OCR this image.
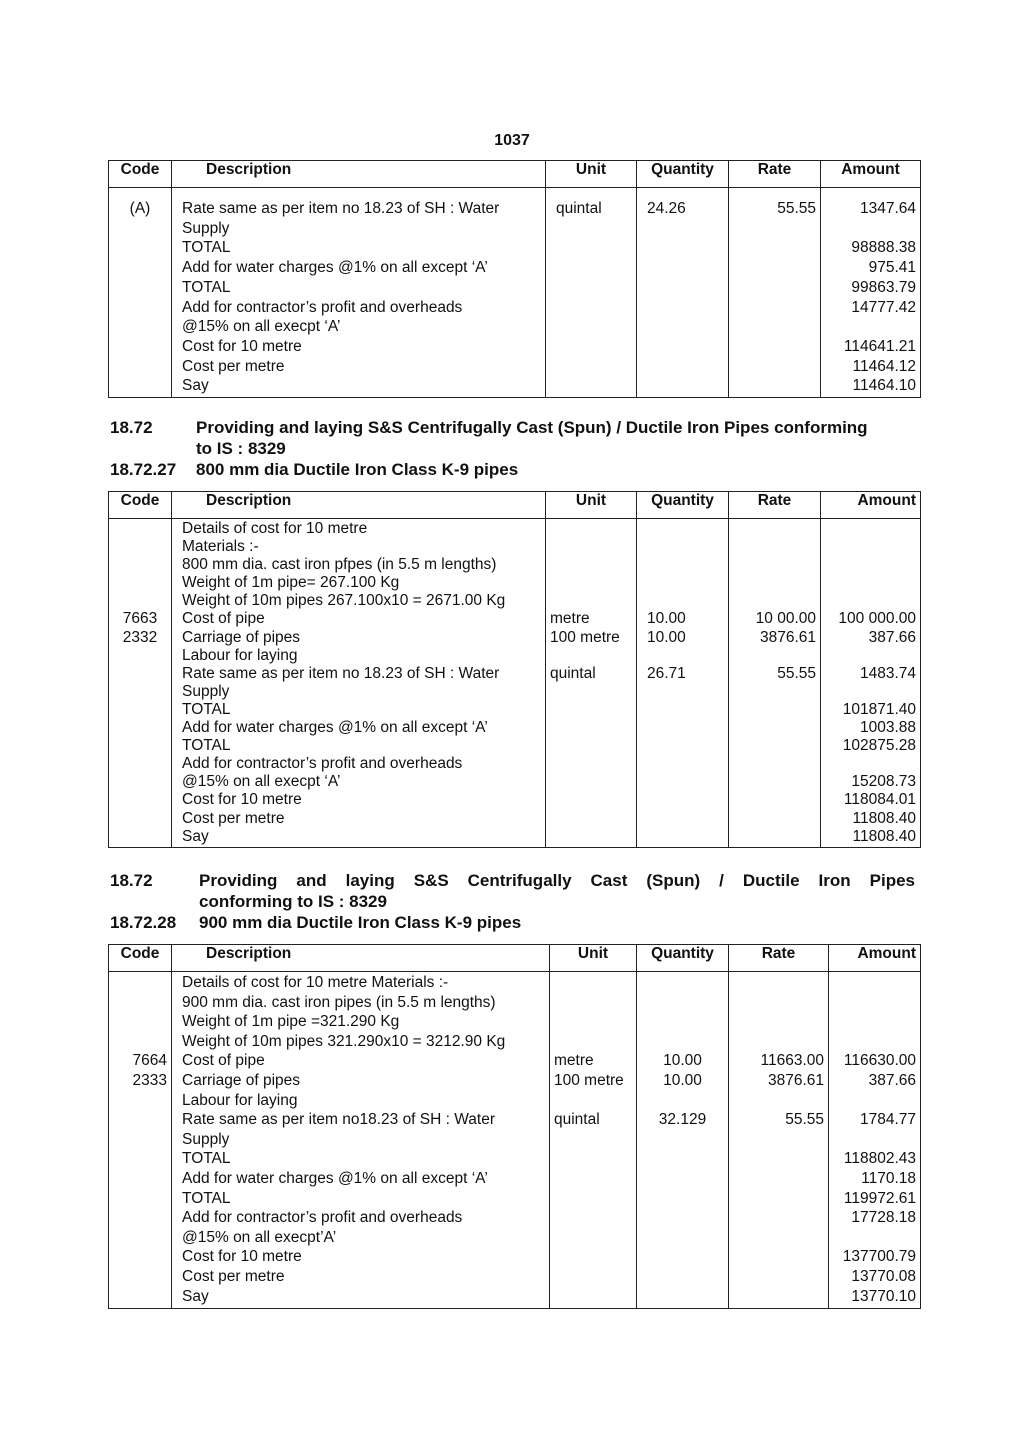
1037
Code	Description	Unit	Quantity	Rate	Amount
(A)	Rate same as per item no 18.23 of SH : Water	quintal	24.26	55.55	1347.64
	Supply				
	TOTAL				98888.38
	Add for water charges @1% on all except ‘A’				975.41
	TOTAL				99863.79
	Add for contractor’s profit and overheads				14777.42
	@15% on all execpt ‘A’				
	Cost for 10 metre				114641.21
	Cost per metre				11464.12
	Say				11464.10
18.72	Providing and laying S&S Centrifugally Cast (Spun) / Ductile Iron Pipes conforming
to IS : 8329
18.72.27 800 mm dia Ductile Iron Class K-9 pipes
Code	Description	Unit	Quantity	Rate	Amount
	Details of cost for 10 metre				
	Materials :-				
	800 mm dia. cast iron pfpes (in 5.5 m lengths)				
	Weight of 1m pipe= 267.100 Kg				
	Weight of 10m pipes 267.100x10 = 2671.00 Kg				
7663	Cost of pipe	metre	10.00	10 00.00	100 000.00
2332	Carriage of pipes	100 metre	10.00	3876.61	387.66
	Labour for laying				
	Rate same as per item no 18.23 of SH : Water	quintal	26.71	55.55	1483.74
	Supply				
	TOTAL				101871.40
	Add for water charges @1% on all except ‘A’				1003.88
	TOTAL				102875.28
	Add for contractor’s profit and overheads				
	@15% on all execpt ‘A’				15208.73
	Cost for 10 metre				118084.01
	Cost per metre				11808.40
	Say				11808.40
18.72	Providing and laying S&S Centrifugally Cast (Spun) / Ductile Iron Pipes
conforming to IS : 8329
18.72.28 900 mm dia Ductile Iron Class K-9 pipes
Code	Description	Unit	Quantity	Rate	Amount
	Details of cost for 10 metre Materials :-				
	900 mm dia. cast iron pipes (in 5.5 m lengths)				
	Weight of 1m pipe =321.290 Kg				
	Weight of 10m pipes 321.290x10 = 3212.90 Kg				
7664	Cost of pipe	metre	10.00	11663.00	116630.00
2333	Carriage of pipes	100 metre	10.00	3876.61	387.66
	Labour for laying				
	Rate same as per item no18.23 of SH : Water	quintal	32.129	55.55	1784.77
	Supply				
	TOTAL				118802.43
	Add for water charges @1% on all except ‘A’				1170.18
	TOTAL				119972.61
	Add for contractor’s profit and overheads				17728.18
	@15% on all execpt’A’				
	Cost for 10 metre				137700.79
	Cost per metre				13770.08
	Say				13770.10
